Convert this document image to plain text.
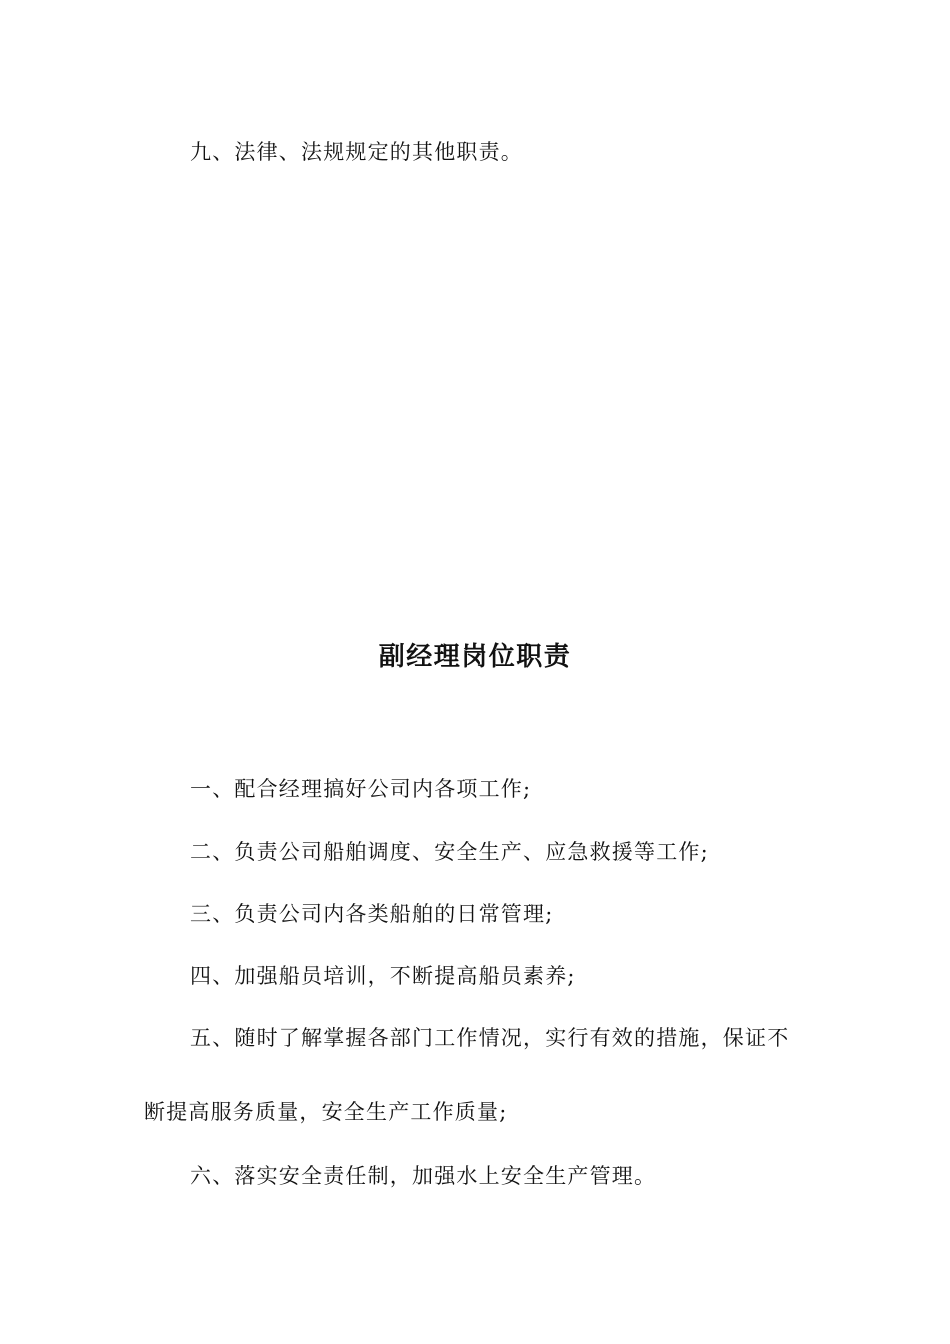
九、法律、法规规定的其他职责。
副经理岗位职责
一、配合经理搞好公司内各项工作;
二、负责公司船舶调度、安全生产、应急救援等工作;
三、负责公司内各类船舶的日常管理;
四、加强船员培训，不断提高船员素养;
五、随时了解掌握各部门工作情况，实行有效的措施，保证不
断提高服务质量，安全生产工作质量;
六、落实安全责任制，加强水上安全生产管理。
